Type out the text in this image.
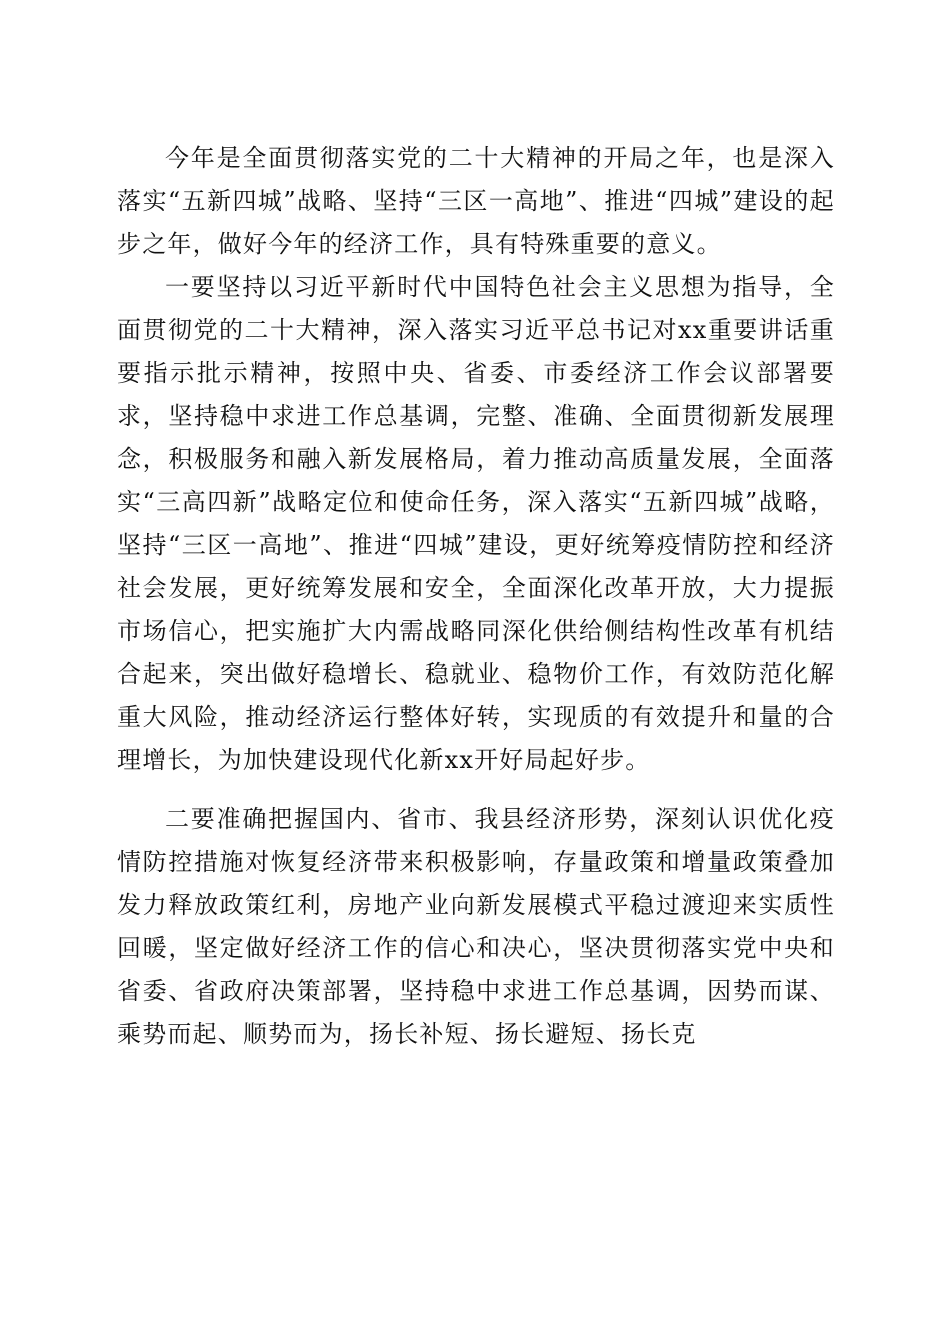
今年是全面贯彻落实党的二十大精神的开局之年，也是深入落实“五新四城”战略、坚持“三区一高地”、推进“四城”建设的起步之年，做好今年的经济工作，具有特殊重要的意义。

一要坚持以习近平新时代中国特色社会主义思想为指导，全面贯彻党的二十大精神，深入落实习近平总书记对xx重要讲话重要指示批示精神，按照中央、省委、市委经济工作会议部署要求，坚持稳中求进工作总基调，完整、准确、全面贯彻新发展理念，积极服务和融入新发展格局，着力推动高质量发展，全面落实“三高四新”战略定位和使命任务，深入落实“五新四城”战略，坚持“三区一高地”、推进“四城”建设，更好统筹疫情防控和经济社会发展，更好统筹发展和安全，全面深化改革开放，大力提振市场信心，把实施扩大内需战略同深化供给侧结构性改革有机结合起来，突出做好稳增长、稳就业、稳物价工作，有效防范化解重大风险，推动经济运行整体好转，实现质的有效提升和量的合理增长，为加快建设现代化新xx开好局起好步。

二要准确把握国内、省市、我县经济形势，深刻认识优化疫情防控措施对恢复经济带来积极影响，存量政策和增量政策叠加发力释放政策红利，房地产业向新发展模式平稳过渡迎来实质性回暖，坚定做好经济工作的信心和决心，坚决贯彻落实党中央和省委、省政府决策部署，坚持稳中求进工作总基调，因势而谋、乘势而起、顺势而为，扬长补短、扬长避短、扬长克
